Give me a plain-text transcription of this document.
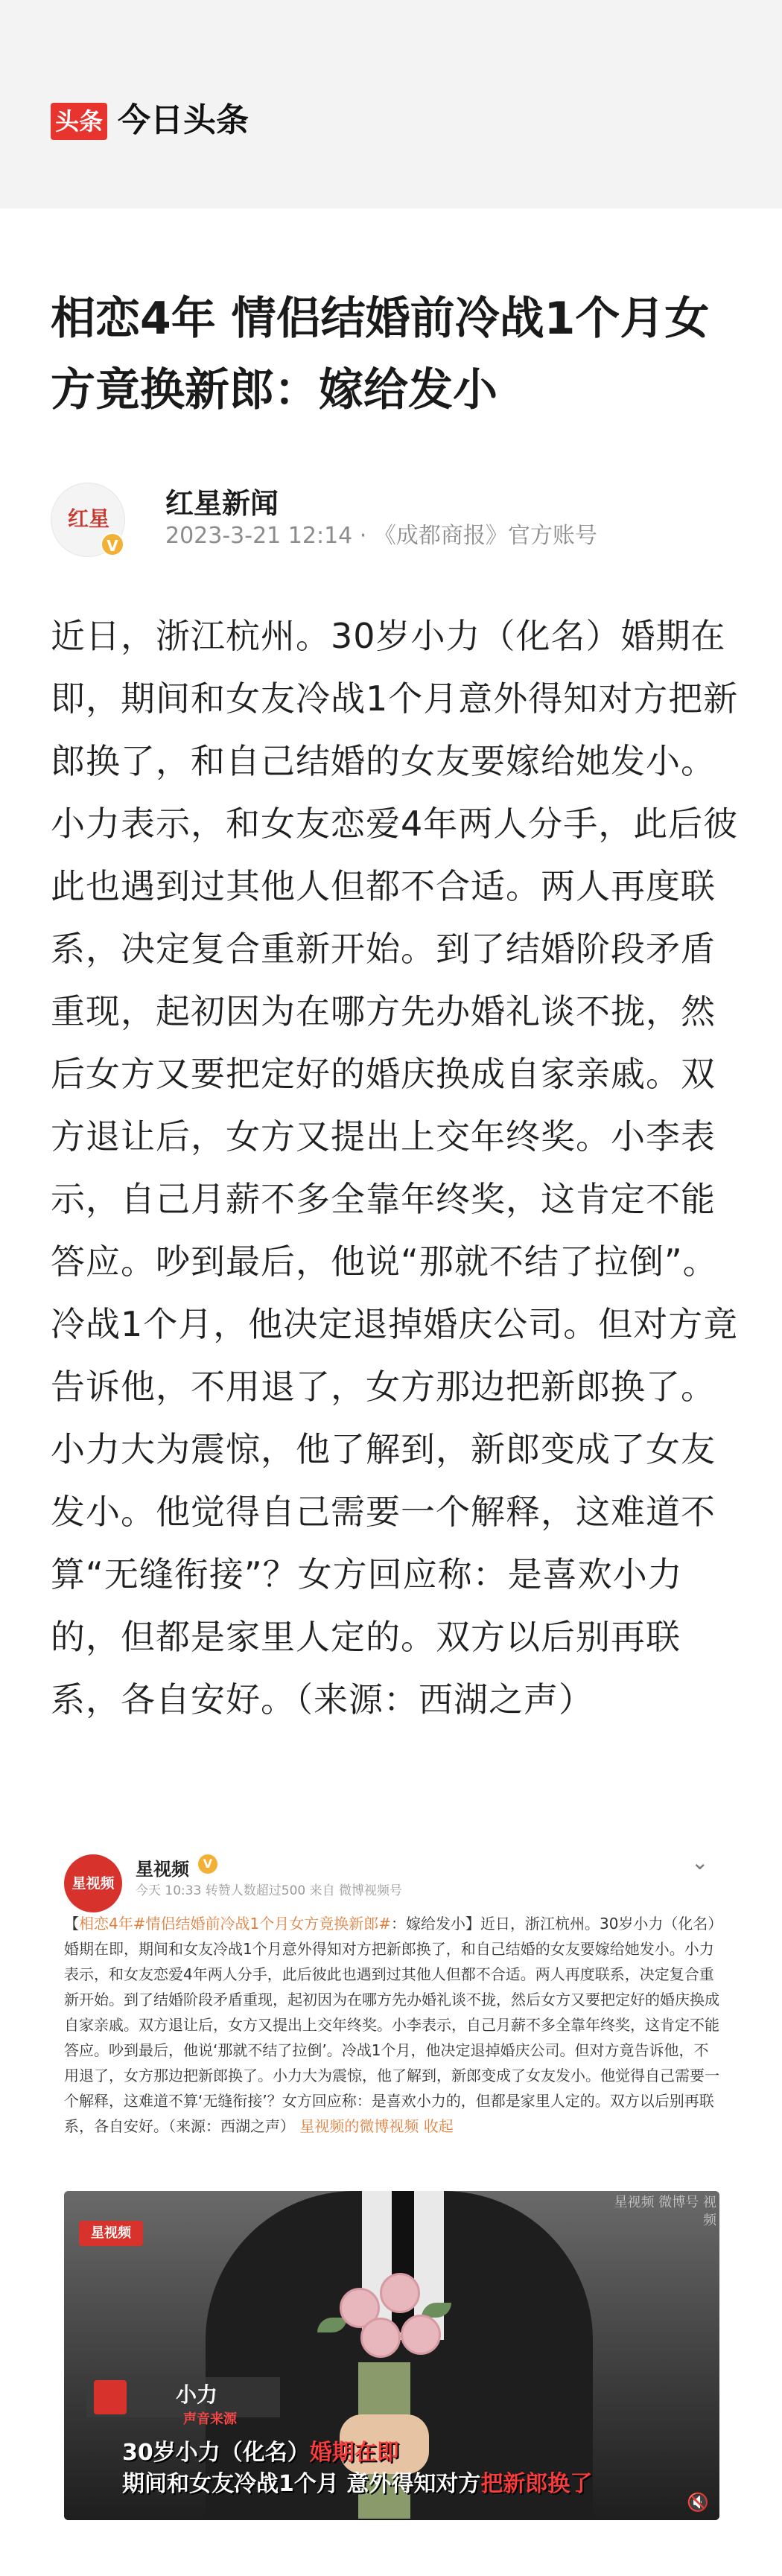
头条 今日头条
相恋4年 情侣结婚前冷战1个月女方竟换新郎：嫁给发小
红星
V
红星新闻
2023-3-21 12:14 · 《成都商报》官方账号
近日，浙江杭州。30岁小力（化名）婚期在即，期间和女友冷战1个月意外得知对方把新郎换了，和自己结婚的女友要嫁给她发小。小力表示，和女友恋爱4年两人分手，此后彼此也遇到过其他人但都不合适。两人再度联系，决定复合重新开始。到了结婚阶段矛盾重现，起初因为在哪方先办婚礼谈不拢，然后女方又要把定好的婚庆换成自家亲戚。双方退让后，女方又提出上交年终奖。小李表示，自己月薪不多全靠年终奖，这肯定不能答应。吵到最后，他说“那就不结了拉倒”。冷战1个月，他决定退掉婚庆公司。但对方竟告诉他，不用退了，女方那边把新郎换了。小力大为震惊，他了解到，新郎变成了女友发小。他觉得自己需要一个解释，这难道不算“无缝衔接”？女方回应称：是喜欢小力的，但都是家里人定的。双方以后别再联系，各自安好。（来源：西湖之声）
星视频
星视频	V
今天 10:33 转赞人数超过500 来自 微博视频号
⌄
【相恋4年#情侣结婚前冷战1个月女方竟换新郎#：嫁给发小】近日，浙江杭州。30岁小力（化名）婚期在即，期间和女友冷战1个月意外得知对方把新郎换了，和自己结婚的女友要嫁给她发小。小力表示，和女友恋爱4年两人分手，此后彼此也遇到过其他人但都不合适。两人再度联系，决定复合重新开始。到了结婚阶段矛盾重现，起初因为在哪方先办婚礼谈不拢，然后女方又要把定好的婚庆换成自家亲戚。双方退让后，女方又提出上交年终奖。小李表示，自己月薪不多全靠年终奖，这肯定不能答应。吵到最后，他说‘那就不结了拉倒’。冷战1个月，他决定退掉婚庆公司。但对方竟告诉他，不用退了，女方那边把新郎换了。小力大为震惊，他了解到，新郎变成了女友发小。他觉得自己需要一个解释，这难道不算‘无缝衔接’？女方回应称：是喜欢小力的，但都是家里人定的。双方以后别再联系，各自安好。（来源：西湖之声） 星视频的微博视频 收起
星视频
星视频 微博号 视频
小力
声音来源
30岁小力（化名）婚期在即
期间和女友冷战1个月 意外得知对方把新郎换了
🔇
